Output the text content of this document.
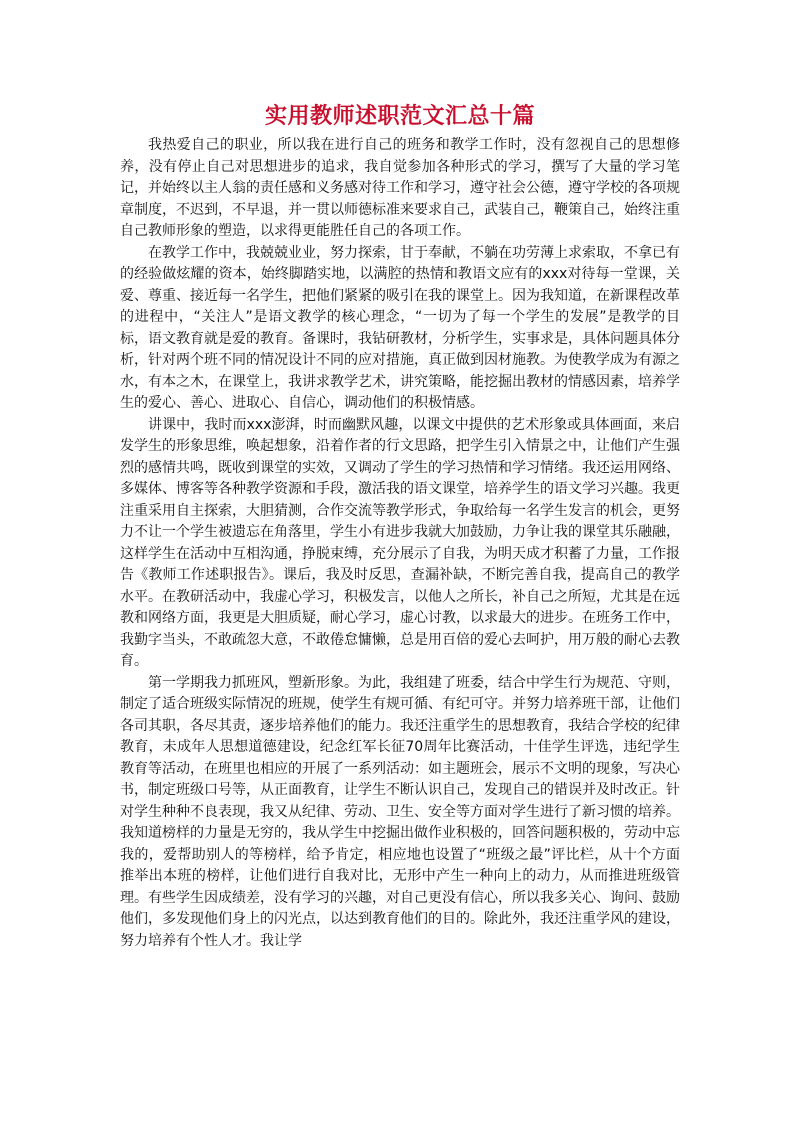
实用教师述职范文汇总十篇

我热爱自己的职业，所以我在进行自己的班务和教学工作时，没有忽视自己的思想修养，没有停止自己对思想进步的追求，我自觉参加各种形式的学习，撰写了大量的学习笔记，并始终以主人翁的责任感和义务感对待工作和学习，遵守社会公德，遵守学校的各项规章制度，不迟到，不早退，并一贯以师德标准来要求自己，武装自己，鞭策自己，始终注重自己教师形象的塑造，以求得更能胜任自己的各项工作。

在教学工作中，我兢兢业业，努力探索，甘于奉献，不躺在功劳薄上求索取，不拿已有的经验做炫耀的资本，始终脚踏实地，以满腔的热情和教语文应有的xxx对待每一堂课，关爱、尊重、接近每一名学生，把他们紧紧的吸引在我的课堂上。因为我知道，在新课程改革的进程中，“关注人”是语文教学的核心理念，“一切为了每一个学生的发展”是教学的目标，语文教育就是爱的教育。备课时，我钻研教材，分析学生，实事求是，具体问题具体分析，针对两个班不同的情况设计不同的应对措施，真正做到因材施教。为使教学成为有源之水，有本之木，在课堂上，我讲求教学艺术，讲究策略，能挖掘出教材的情感因素，培养学生的爱心、善心、进取心、自信心，调动他们的积极情感。

讲课中，我时而xxx澎湃，时而幽默风趣，以课文中提供的艺术形象或具体画面，来启发学生的形象思维，唤起想象，沿着作者的行文思路，把学生引入情景之中，让他们产生强烈的感情共鸣，既收到课堂的实效，又调动了学生的学习热情和学习情绪。我还运用网络、多媒体、博客等各种教学资源和手段，激活我的语文课堂，培养学生的语文学习兴趣。我更注重采用自主探索，大胆猜测，合作交流等教学形式，争取给每一名学生发言的机会，更努力不让一个学生被遗忘在角落里，学生小有进步我就大加鼓励，力争让我的课堂其乐融融，这样学生在活动中互相沟通，挣脱束缚，充分展示了自我，为明天成才积蓄了力量，工作报告《教师工作述职报告》。课后，我及时反思，查漏补缺，不断完善自我，提高自己的教学水平。在教研活动中，我虚心学习，积极发言，以他人之所长，补自己之所短，尤其是在远教和网络方面，我更是大胆质疑，耐心学习，虚心讨教，以求最大的进步。在班务工作中，我勤字当头，不敢疏忽大意，不敢倦怠慵懒，总是用百倍的爱心去呵护，用万般的耐心去教育。

第一学期我力抓班风，塑新形象。为此，我组建了班委，结合中学生行为规范、守则，制定了适合班级实际情况的班规，使学生有规可循、有纪可守。并努力培养班干部，让他们各司其职，各尽其责，逐步培养他们的能力。我还注重学生的思想教育，我结合学校的纪律教育，未成年人思想道德建设，纪念红军长征70周年比赛活动，十佳学生评选，违纪学生教育等活动，在班里也相应的开展了一系列活动：如主题班会，展示不文明的现象，写决心书，制定班级口号等，从正面教育，让学生不断认识自己，发现自己的错误并及时改正。针对学生种种不良表现，我又从纪律、劳动、卫生、安全等方面对学生进行了新习惯的培养。我知道榜样的力量是无穷的，我从学生中挖掘出做作业积极的，回答问题积极的，劳动中忘我的，爱帮助别人的等榜样，给予肯定，相应地也设置了“班级之最”评比栏，从十个方面推举出本班的榜样，让他们进行自我对比，无形中产生一种向上的动力，从而推进班级管理。有些学生因成绩差，没有学习的兴趣，对自己更没有信心，所以我多关心、询问、鼓励他们，多发现他们身上的闪光点，以达到教育他们的目的。除此外，我还注重学风的建设，努力培养有个性人才。我让学
